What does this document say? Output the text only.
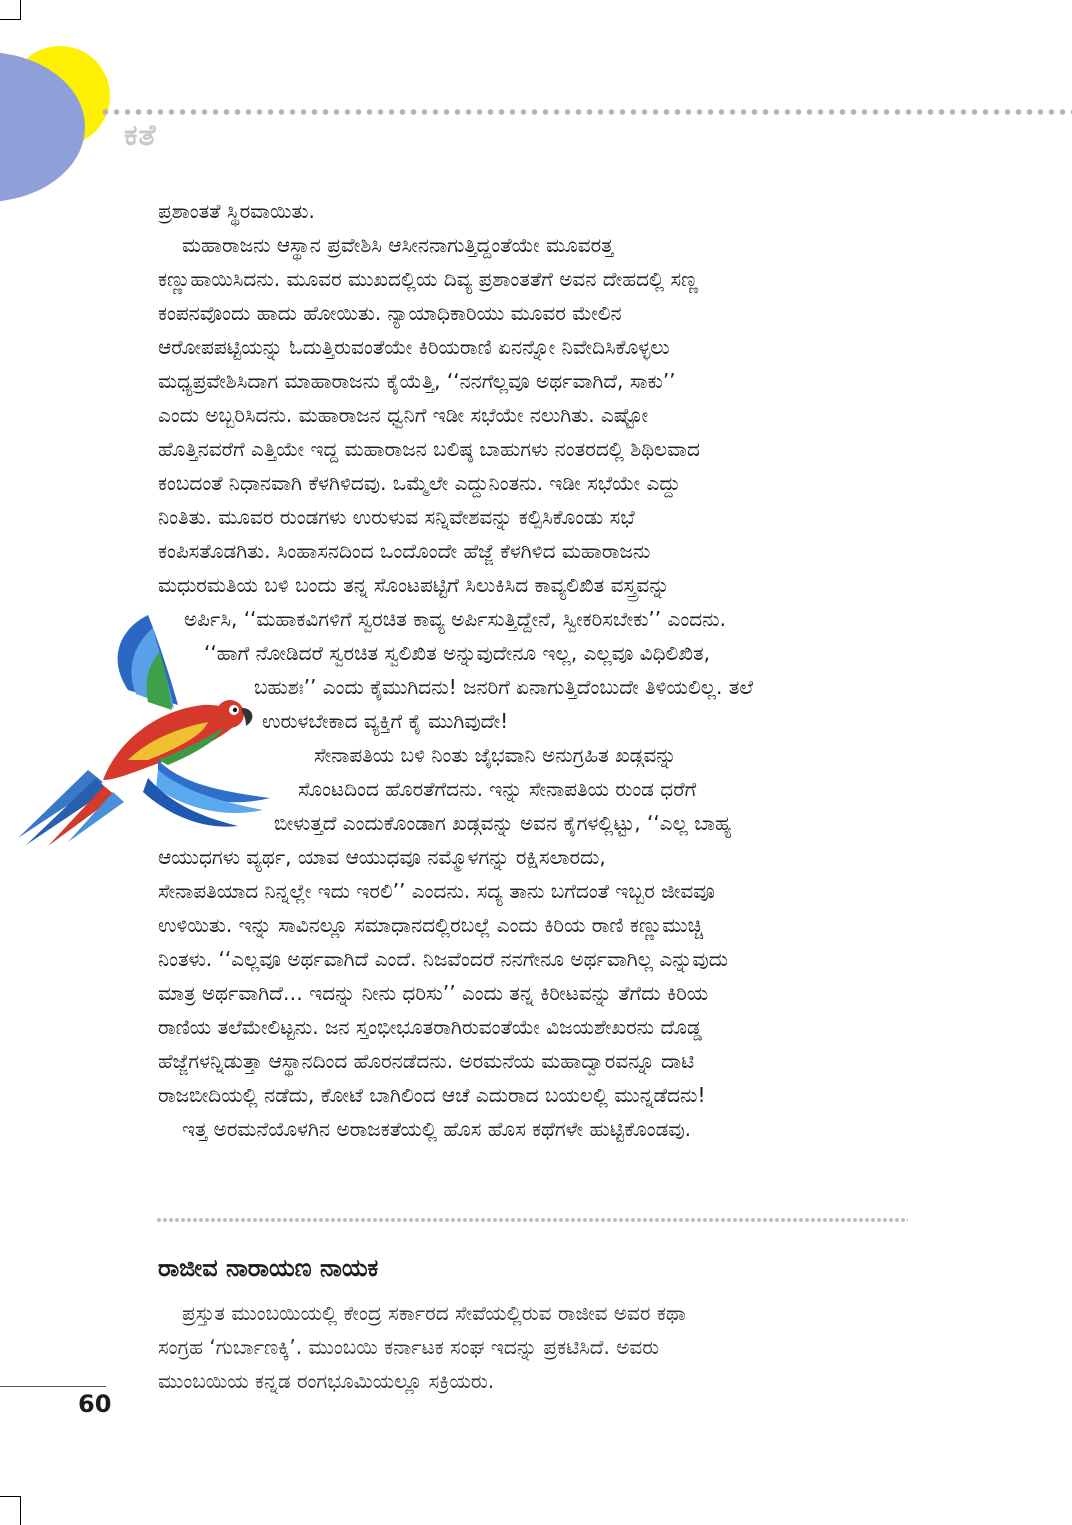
ಕತೆ
ಪ್ರಶಾಂತತೆ ಸ್ಥಿರವಾಯಿತು.
ಮಹಾರಾಜನು ಆಸ್ಥಾನ ಪ್ರವೇಶಿಸಿ ಆಸೀನನಾಗುತ್ತಿದ್ದಂತೆಯೇ ಮೂವರತ್ತ
ಕಣ್ಣುಹಾಯಿಸಿದನು. ಮೂವರ ಮುಖದಲ್ಲಿಯ ದಿವ್ಯ ಪ್ರಶಾಂತತೆಗೆ ಅವನ ದೇಹದಲ್ಲಿ ಸಣ್ಣ
ಕಂಪನವೊಂದು ಹಾದು ಹೋಯಿತು. ನ್ಯಾಯಾಧಿಕಾರಿಯು ಮೂವರ ಮೇಲಿನ
ಆರೋಪಪಟ್ಟಿಯನ್ನು ಓದುತ್ತಿರುವಂತೆಯೇ ಕಿರಿಯರಾಣಿ ಏನನ್ನೋ ನಿವೇದಿಸಿಕೊಳ್ಳಲು
ಮಧ್ಯಪ್ರವೇಶಿಸಿದಾಗ ಮಾಹಾರಾಜನು ಕೈಯೆತ್ತಿ, ‘‘ನನಗೆಲ್ಲವೂ ಅರ್ಥವಾಗಿದೆ, ಸಾಕು’’
ಎಂದು ಅಬ್ಬರಿಸಿದನು. ಮಹಾರಾಜನ ಧ್ವನಿಗೆ ಇಡೀ ಸಭೆಯೇ ನಲುಗಿತು. ಎಷ್ಟೋ
ಹೊತ್ತಿನವರೆಗೆ ಎತ್ತಿಯೇ ಇದ್ದ ಮಹಾರಾಜನ ಬಲಿಷ್ಠ ಬಾಹುಗಳು ನಂತರದಲ್ಲಿ ಶಿಥಿಲವಾದ
ಕಂಬದಂತೆ ನಿಧಾನವಾಗಿ ಕೆಳಗಿಳಿದವು. ಒಮ್ಮೆಲೇ ಎದ್ದುನಿಂತನು. ಇಡೀ ಸಭೆಯೇ ಎದ್ದು
ನಿಂತಿತು. ಮೂವರ ರುಂಡಗಳು ಉರುಳುವ ಸನ್ನಿವೇಶವನ್ನು ಕಲ್ಪಿಸಿಕೊಂಡು ಸಭೆ
ಕಂಪಿಸತೊಡಗಿತು. ಸಿಂಹಾಸನದಿಂದ ಒಂದೊಂದೇ ಹೆಜ್ಜೆ ಕೆಳಗಿಳಿದ ಮಹಾರಾಜನು
ಮಧುರಮತಿಯ ಬಳಿ ಬಂದು ತನ್ನ ಸೊಂಟಪಟ್ಟಿಗೆ ಸಿಲುಕಿಸಿದ ಕಾವ್ಯಲಿಖಿತ ವಸ್ತ್ರವನ್ನು
ಅರ್ಪಿಸಿ, ‘‘ಮಹಾಕವಿಗಳಿಗೆ ಸ್ವರಚಿತ ಕಾವ್ಯ ಅರ್ಪಿಸುತ್ತಿದ್ದೇನೆ, ಸ್ವೀಕರಿಸಬೇಕು’’ ಎಂದನು.
‘‘ಹಾಗೆ ನೋಡಿದರೆ ಸ್ವರಚಿತ ಸ್ವಲಿಖಿತ ಅನ್ನುವುದೇನೂ ಇಲ್ಲ, ಎಲ್ಲವೂ ವಿಧಿಲಿಖಿತ,
ಬಹುಶಃ’’ ಎಂದು ಕೈಮುಗಿದನು! ಜನರಿಗೆ ಏನಾಗುತ್ತಿದೆಂಬುದೇ ತಿಳಿಯಲಿಲ್ಲ. ತಲೆ
ಉರುಳಬೇಕಾದ ವ್ಯಕ್ತಿಗೆ ಕೈ ಮುಗಿವುದೇ!
ಸೇನಾಪತಿಯ ಬಳಿ ನಿಂತು ಜೈಭವಾನಿ ಅನುಗ್ರಹಿತ ಖಡ್ಗವನ್ನು
ಸೊಂಟದಿಂದ ಹೊರತೆಗೆದನು. ಇನ್ನು ಸೇನಾಪತಿಯ ರುಂಡ ಧರೆಗೆ
ಬೀಳುತ್ತದೆ ಎಂದುಕೊಂಡಾಗ ಖಡ್ಗವನ್ನು ಅವನ ಕೈಗಳಲ್ಲಿಟ್ಟು, ‘‘ಎಲ್ಲ ಬಾಹ್ಯ
ಆಯುಧಗಳು ವ್ಯರ್ಥ, ಯಾವ ಆಯುಧವೂ ನಮ್ಮೊಳಗನ್ನು ರಕ್ಷಿಸಲಾರದು,
ಸೇನಾಪತಿಯಾದ ನಿನ್ನಲ್ಲೇ ಇದು ಇರಲಿ’’ ಎಂದನು. ಸದ್ಯ ತಾನು ಬಗೆದಂತೆ ಇಬ್ಬರ ಜೀವವೂ
ಉಳಿಯಿತು. ಇನ್ನು ಸಾವಿನಲ್ಲೂ ಸಮಾಧಾನದಲ್ಲಿರಬಲ್ಲೆ ಎಂದು ಕಿರಿಯ ರಾಣಿ ಕಣ್ಣುಮುಚ್ಚಿ
ನಿಂತಳು. ‘‘ಎಲ್ಲವೂ ಅರ್ಥವಾಗಿದೆ ಎಂದೆ. ನಿಜವೆಂದರೆ ನನಗೇನೂ ಅರ್ಥವಾಗಿಲ್ಲ ಎನ್ನುವುದು
ಮಾತ್ರ ಅರ್ಥವಾಗಿದೆ… ಇದನ್ನು ನೀನು ಧರಿಸು’’ ಎಂದು ತನ್ನ ಕಿರೀಟವನ್ನು ತೆಗೆದು ಕಿರಿಯ
ರಾಣಿಯ ತಲೆಮೇಲಿಟ್ಟನು. ಜನ ಸ್ತಂಭೀಭೂತರಾಗಿರುವಂತೆಯೇ ವಿಜಯಶೇಖರನು ದೊಡ್ಡ
ಹೆಜ್ಜೆಗಳನ್ನಿಡುತ್ತಾ ಆಸ್ಥಾನದಿಂದ ಹೊರನಡೆದನು. ಅರಮನೆಯ ಮಹಾದ್ವಾರವನ್ನೂ ದಾಟಿ
ರಾಜಬೀದಿಯಲ್ಲಿ ನಡೆದು, ಕೋಟೆ ಬಾಗಿಲಿಂದ ಆಚೆ ಎದುರಾದ ಬಯಲಲ್ಲಿ ಮುನ್ನಡೆದನು!
ಇತ್ತ ಅರಮನೆಯೊಳಗಿನ ಅರಾಜಕತೆಯಲ್ಲಿ ಹೊಸ ಹೊಸ ಕಥೆಗಳೇ ಹುಟ್ಟಿಕೊಂಡವು.
ರಾಜೀವ ನಾರಾಯಣ ನಾಯಕ
ಪ್ರಸ್ತುತ ಮುಂಬಯಿಯಲ್ಲಿ ಕೇಂದ್ರ ಸರ್ಕಾರದ ಸೇವೆಯಲ್ಲಿರುವ ರಾಜೀವ ಅವರ ಕಥಾ
ಸಂಗ್ರಹ ‘ಗುರ್ಬಾಣಕ್ಕಿ’. ಮುಂಬಯಿ ಕರ್ನಾಟಕ ಸಂಘ ಇದನ್ನು ಪ್ರಕಟಿಸಿದೆ. ಅವರು
ಮುಂಬಯಿಯ ಕನ್ನಡ ರಂಗಭೂಮಿಯಲ್ಲೂ ಸಕ್ರಿಯರು.
60
